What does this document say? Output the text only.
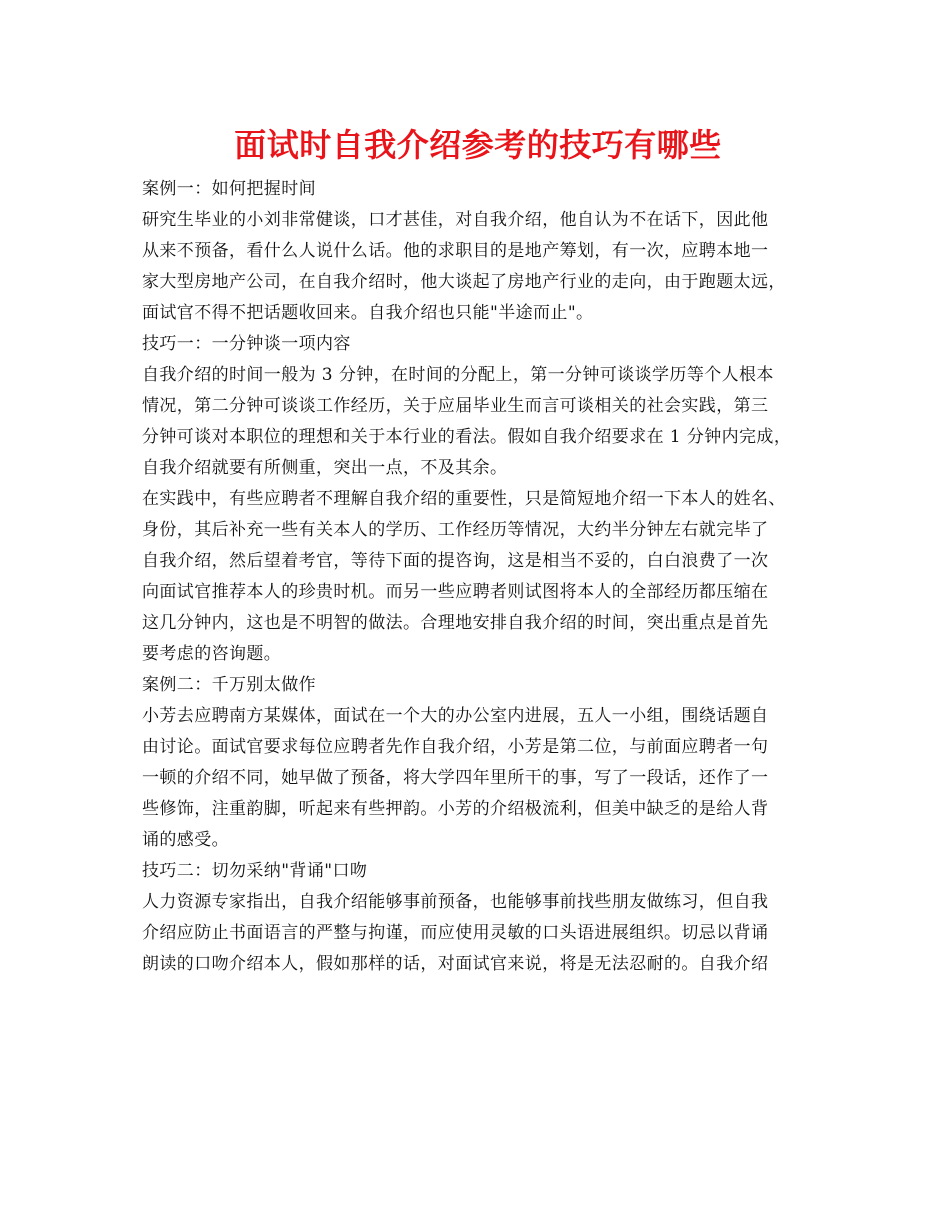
面试时自我介绍参考的技巧有哪些

案例一：如何把握时间

研究生毕业的小刘非常健谈，口才甚佳，对自我介绍，他自认为不在话下，因此他
从来不预备，看什么人说什么话。他的求职目的是地产筹划，有一次，应聘本地一
家大型房地产公司，在自我介绍时，他大谈起了房地产行业的走向，由于跑题太远，
面试官不得不把话题收回来。自我介绍也只能"半途而止"。

技巧一：一分钟谈一项内容

自我介绍的时间一般为 3 分钟，在时间的分配上，第一分钟可谈谈学历等个人根本
情况，第二分钟可谈谈工作经历，关于应届毕业生而言可谈相关的社会实践，第三
分钟可谈对本职位的理想和关于本行业的看法。假如自我介绍要求在 1 分钟内完成，
自我介绍就要有所侧重，突出一点，不及其余。

在实践中，有些应聘者不理解自我介绍的重要性，只是简短地介绍一下本人的姓名、
身份，其后补充一些有关本人的学历、工作经历等情况，大约半分钟左右就完毕了
自我介绍，然后望着考官，等待下面的提咨询，这是相当不妥的，白白浪费了一次
向面试官推荐本人的珍贵时机。而另一些应聘者则试图将本人的全部经历都压缩在
这几分钟内，这也是不明智的做法。合理地安排自我介绍的时间，突出重点是首先
要考虑的咨询题。

案例二：千万别太做作

小芳去应聘南方某媒体，面试在一个大的办公室内进展，五人一小组，围绕话题自
由讨论。面试官要求每位应聘者先作自我介绍，小芳是第二位，与前面应聘者一句
一顿的介绍不同，她早做了预备，将大学四年里所干的事，写了一段话，还作了一
些修饰，注重韵脚，听起来有些押韵。小芳的介绍极流利，但美中缺乏的是给人背
诵的感受。

技巧二：切勿采纳"背诵"口吻

人力资源专家指出，自我介绍能够事前预备，也能够事前找些朋友做练习，但自我
介绍应防止书面语言的严整与拘谨，而应使用灵敏的口头语进展组织。切忌以背诵
朗读的口吻介绍本人，假如那样的话，对面试官来说，将是无法忍耐的。自我介绍
